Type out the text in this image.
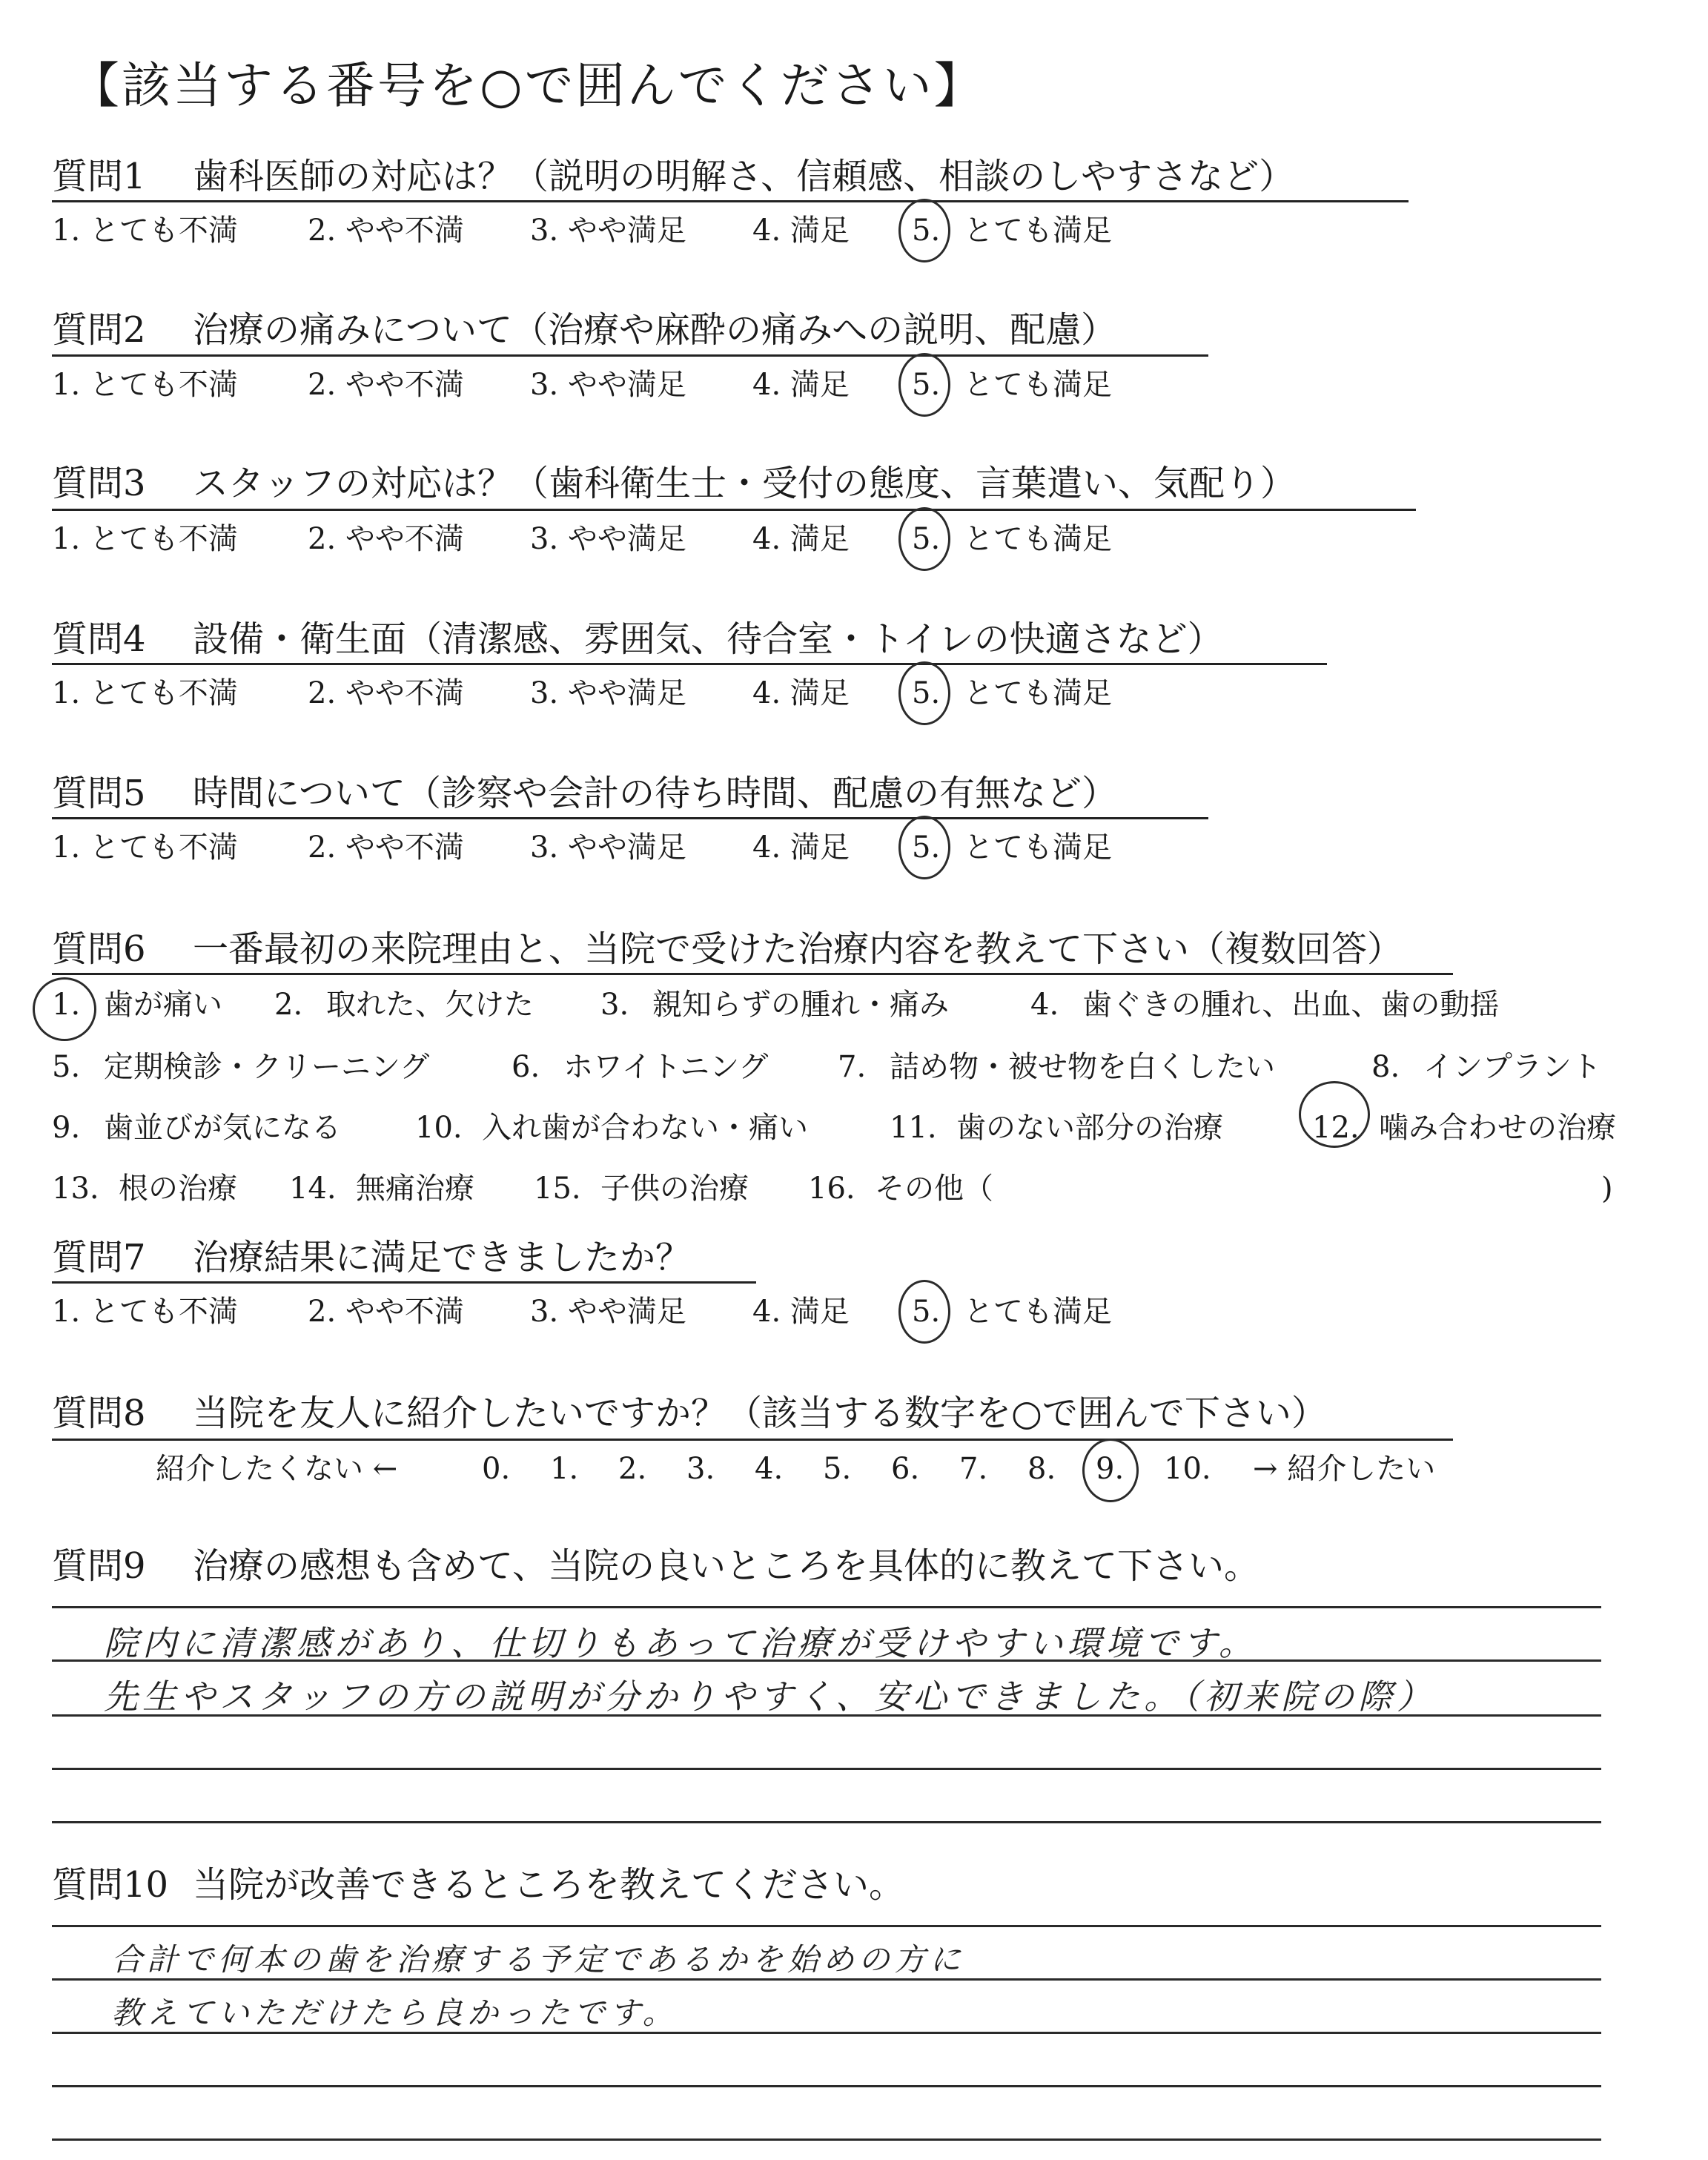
【該当する番号を○で囲んでください】
質問1 歯科医師の対応は？（説明の明解さ、信頼感、相談のしやすさなど）
1. とても不満 2. やや不満 3. やや満足 4. 満足 5. とても満足
質問2 治療の痛みについて（治療や麻酔の痛みへの説明、配慮）
1. とても不満 2. やや不満 3. やや満足 4. 満足 5. とても満足
質問3 スタッフの対応は？（歯科衛生士・受付の態度、言葉遣い、気配り）
1. とても不満 2. やや不満 3. やや満足 4. 満足 5. とても満足
質問4 設備・衛生面（清潔感、雰囲気、待合室・トイレの快適さなど）
1. とても不満 2. やや不満 3. やや満足 4. 満足 5. とても満足
質問5 時間について（診察や会計の待ち時間、配慮の有無など）
1. とても不満 2. やや不満 3. やや満足 4. 満足 5. とても満足
質問6 一番最初の来院理由と、当院で受けた治療内容を教えて下さい（複数回答）
1. 歯が痛い 2. 取れた、欠けた 3. 親知らずの腫れ・痛み	4. 歯ぐきの腫れ、出血、歯の動揺
5. 定期検診・クリーニング	6. ホワイトニング 7. 詰め物・被せ物を白くしたい	8. インプラント
9. 歯並びが気になる	10. 入れ歯が合わない・痛い	11. 歯のない部分の治療	12. 噛み合わせの治療
13. 根の治療 14. 無痛治療 15. 子供の治療 16. その他（	)
質問7 治療結果に満足できましたか？
1. とても不満 2. やや不満 3. やや満足 4. 満足 5. とても満足
質問8 当院を友人に紹介したいですか？（該当する数字を○で囲んで下さい）
紹介したくない ←	0. 1. 2. 3. 4. 5. 6. 7. 8. 9. 10. → 紹介したい
質問9 治療の感想も含めて、当院の良いところを具体的に教えて下さい。
院内に清潔感があり、仕切りもあって治療が受けやすい環境です。
先生やスタッフの方の説明が分かりやすく、安心できました。（初来院の際）
質問10 当院が改善できるところを教えてください。
合計で何本の歯を治療する予定であるかを始めの方に
教えていただけたら良かったです。
